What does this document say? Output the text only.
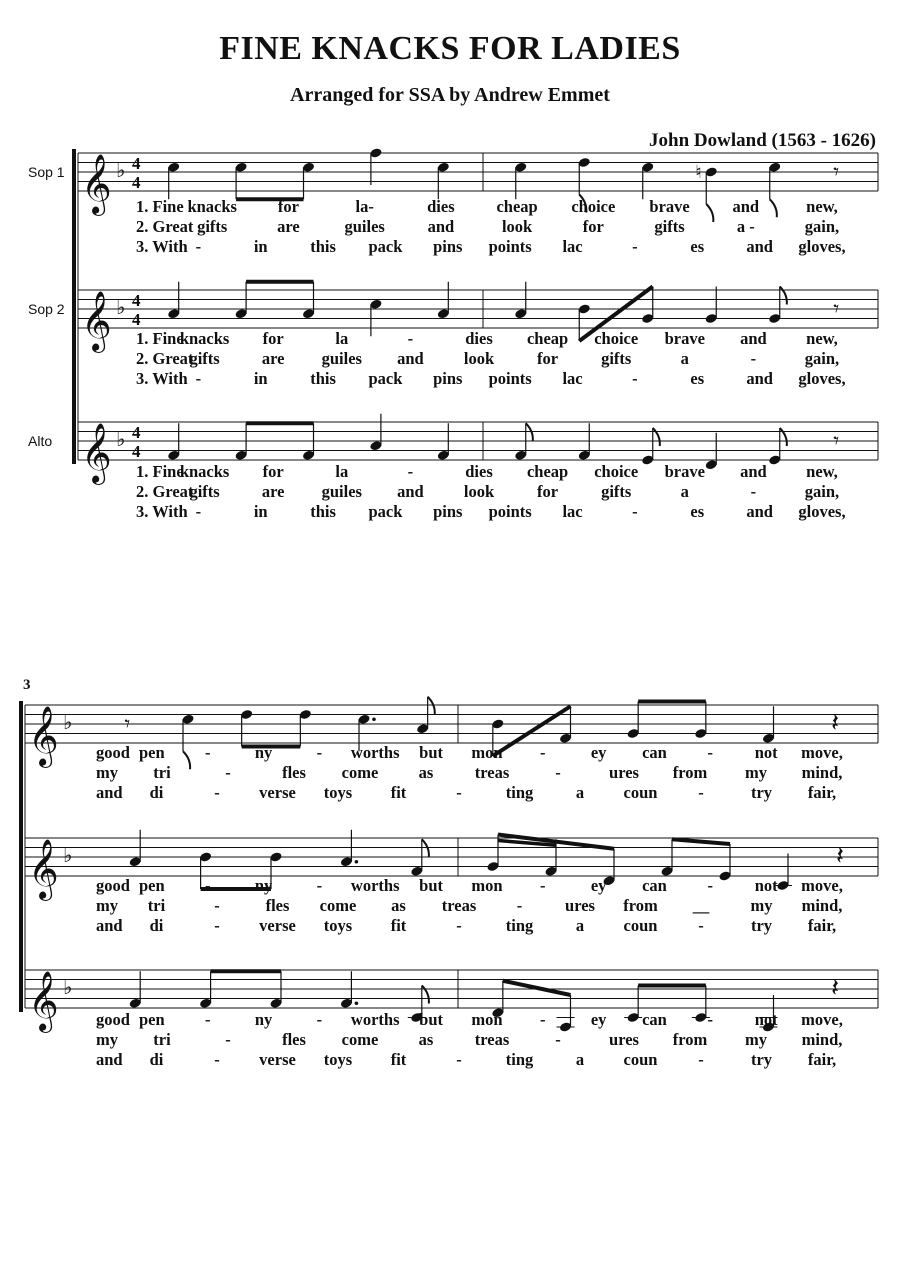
FINE KNACKS FOR LADIES
Arranged for SSA by Andrew Emmet
John Dowland (1563 - 1626)
Sop 1 𝄞 ♭ 4
4	♮	𝄾
1. Fine knacks for	la-	dies	cheap choice brave	and	new,
2. Great gifts	are	guiles	and	look	for	gifts	a -	gain,
3. With -	in	this pack pins points lac	-	es	and gloves,
Sop 2 𝄞 ♭ 4
4	𝄾
1. Fine
knacks for	la	-	dies cheap choice brave and new,
2. Great
gifts	are guiles and look	for	gifts	a	-	gain,
3. With -	in	this pack pins points lac	-	es	and gloves,
Alto 𝄞 ♭ 4
4	𝄾
1. Fine
knacks for	la	-	dies cheap choice brave and new,
2. Great
gifts	are guiles and look	for	gifts	a	-	gain,
3. With -	in	this pack pins points lac	-	es	and gloves,
3
𝄞 ♭ 𝄾	𝄽
good pen -	ny	- worths but mon -	ey can -	not move,
my tri	-	fles come as	treas	-	ures from my mind,
and di	- verse toys fit	-	ting	a coun -	try fair,
𝄞 ♭	𝄽
good pen -	ny	- worths but mon -	ey can -	not move,
my tri	-	fles come as treas -	ures from __	my mind,
and di	- verse toys fit	-	ting	a coun -	try fair,
𝄞 ♭	𝄽
good pen -	ny	- worths but mon -	ey can -	not move,
my tri	-	fles come as	treas	-	ures from my mind,
and di	- verse toys fit	-	ting	a coun -	try fair,
